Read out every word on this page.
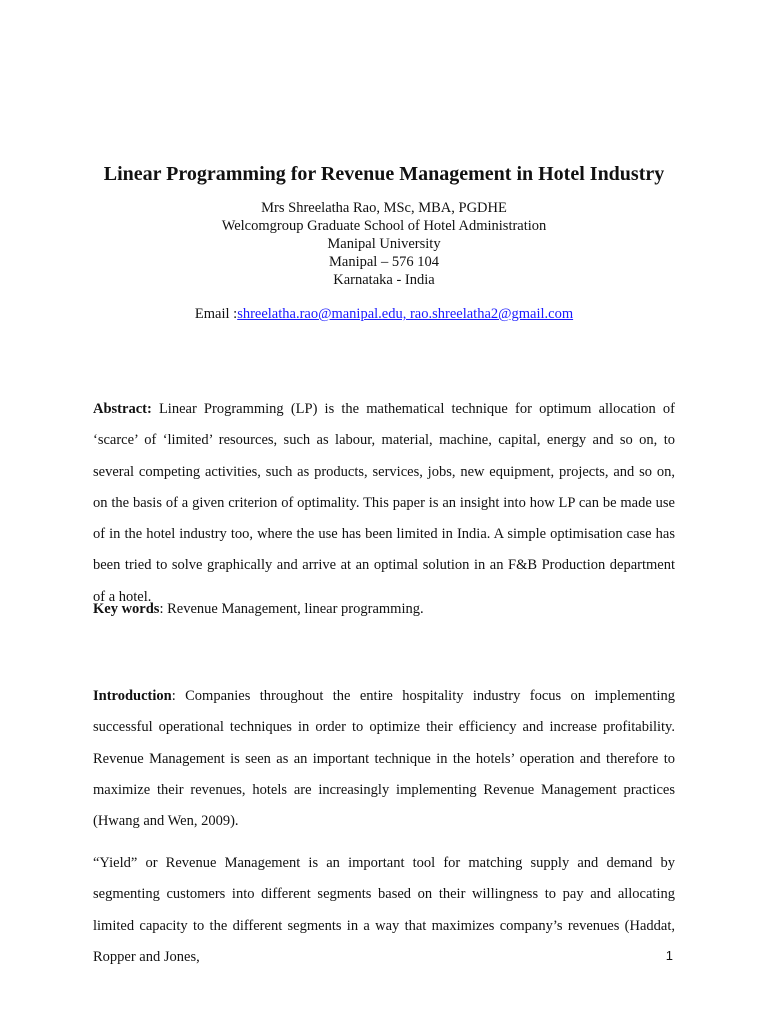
Linear Programming for Revenue Management in Hotel Industry
Mrs Shreelatha Rao, MSc, MBA, PGDHE
Welcomgroup Graduate School of Hotel Administration
Manipal University
Manipal – 576 104
Karnataka - India
Email :shreelatha.rao@manipal.edu, rao.shreelatha2@gmail.com
Abstract: Linear Programming (LP) is the mathematical technique for optimum allocation of ‘scarce’ of ‘limited’ resources, such as labour, material, machine, capital, energy and so on, to several competing activities, such as products, services, jobs, new equipment, projects, and so on, on the basis of a given criterion of optimality. This paper is an insight into how LP can be made use of in the hotel industry too, where the use has been limited in India. A simple optimisation case has been tried to solve graphically and arrive at an optimal solution in an F&B Production department of a hotel.
Key words: Revenue Management, linear programming.
Introduction: Companies throughout the entire hospitality industry focus on implementing successful operational techniques in order to optimize their efficiency and increase profitability. Revenue Management is seen as an important technique in the hotels’ operation and therefore to maximize their revenues, hotels are increasingly implementing Revenue Management practices (Hwang and Wen, 2009).
“Yield” or Revenue Management is an important tool for matching supply and demand by segmenting customers into different segments based on their willingness to pay and allocating limited capacity to the different segments in a way that maximizes company’s revenues (Haddat, Ropper and Jones,	1
